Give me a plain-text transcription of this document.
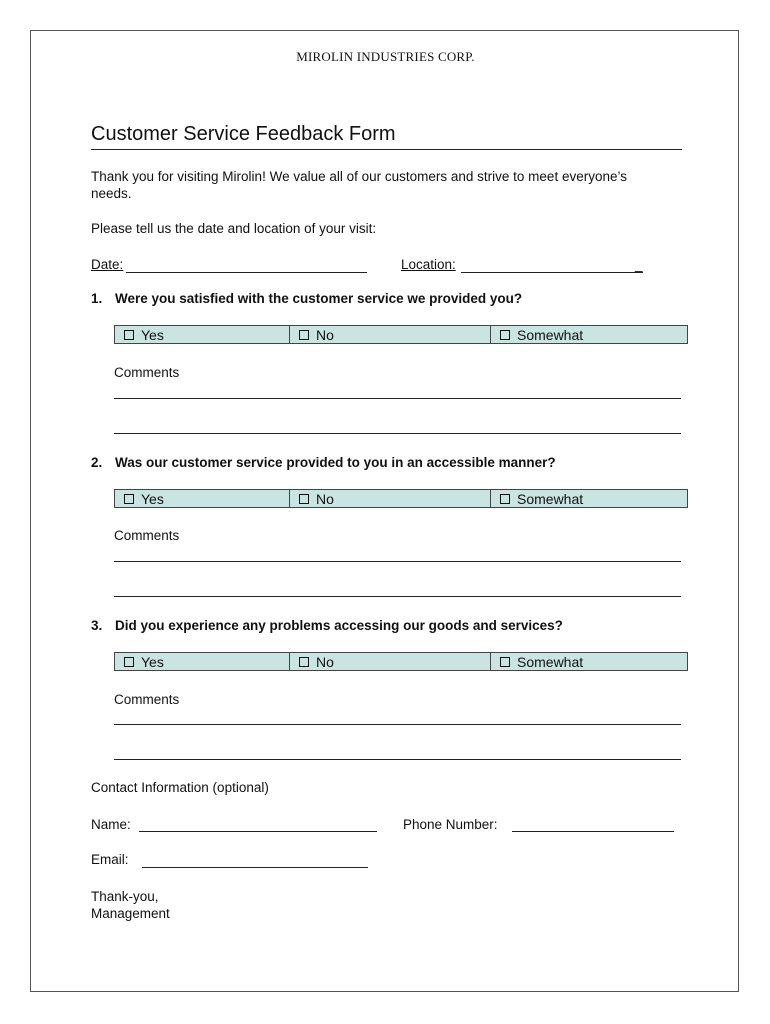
MIROLIN INDUSTRIES CORP.
Customer Service Feedback Form
Thank you for visiting Mirolin! We value all of our customers and strive to meet everyone’s needs.
Please tell us the date and location of your visit:
Date:	Location:	_
1. Were you satisfied with the customer service we provided you?
Yes	No	Somewhat
Comments
2. Was our customer service provided to you in an accessible manner?
Yes	No	Somewhat
Comments
3. Did you experience any problems accessing our goods and services?
Yes	No	Somewhat
Comments
Contact Information (optional)
Name:	Phone Number:
Email:
Thank-you,
Management
